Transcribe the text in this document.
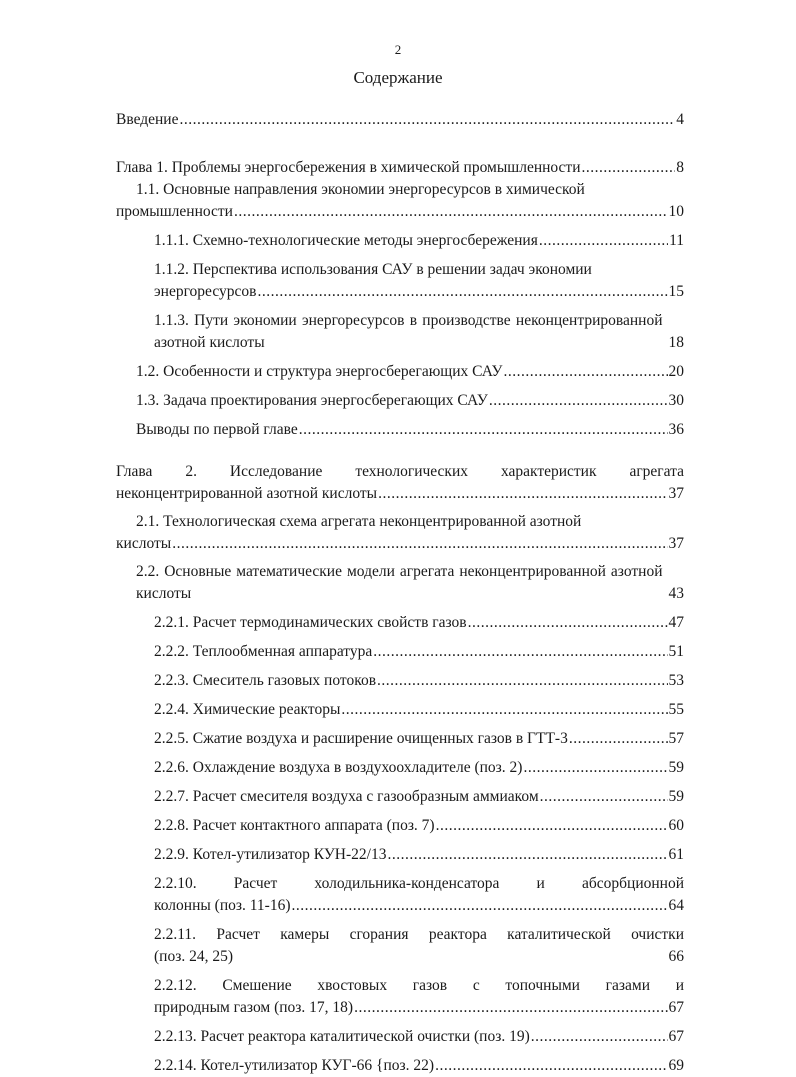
2
Содержание
Введение .....	4
Глава 1. Проблемы энергосбережения в химической промышленности .....	8
1.1. Основные направления экономии энергоресурсов в химической
промышленности .....	10
1.1.1. Схемно-технологические методы энергосбережения .....	11
1.1.2. Перспектива использования САУ в решении задач экономии
энергоресурсов .....	15
1.1.3. Пути экономии энергоресурсов в производстве неконцентрированной азотной кислоты	18
1.2. Особенности и структура энергосберегающих САУ .....	20
1.3. Задача проектирования энергосберегающих САУ .....	30
Выводы по первой главе .....	36
Глава 2. Исследование технологических характеристик агрегата
неконцентрированной азотной кислоты .....	37
2.1. Технологическая схема агрегата неконцентрированной азотной
кислоты .....	37
2.2. Основные математические модели агрегата неконцентрированной азотной кислоты	43
2.2.1. Расчет термодинамических свойств газов .....	47
2.2.2. Теплообменная аппаратура .....	51
2.2.3. Смеситель газовых потоков .....	53
2.2.4. Химические реакторы .....	55
2.2.5. Сжатие воздуха и расширение очищенных газов в ГТТ-3 .....	57
2.2.6. Охлаждение воздуха в воздухоохладителе (поз. 2) .....	59
2.2.7. Расчет смесителя воздуха с газообразным аммиаком .....	59
2.2.8. Расчет контактного аппарата (поз. 7) .....	60
2.2.9. Котел-утилизатор КУН-22/13 .....	61
2.2.10. Расчет холодильника-конденсатора и абсорбционной
колонны (поз. 11-16) .....	64
2.2.11. Расчет камеры сгорания реактора каталитической очистки
(поз. 24, 25)	66
2.2.12. Смешение хвостовых газов с топочными газами и
природным газом (поз. 17, 18) .....	67
2.2.13. Расчет реактора каталитической очистки (поз. 19) .....	67
2.2.14. Котел-утилизатор КУГ-66 {поз. 22) .....	69
